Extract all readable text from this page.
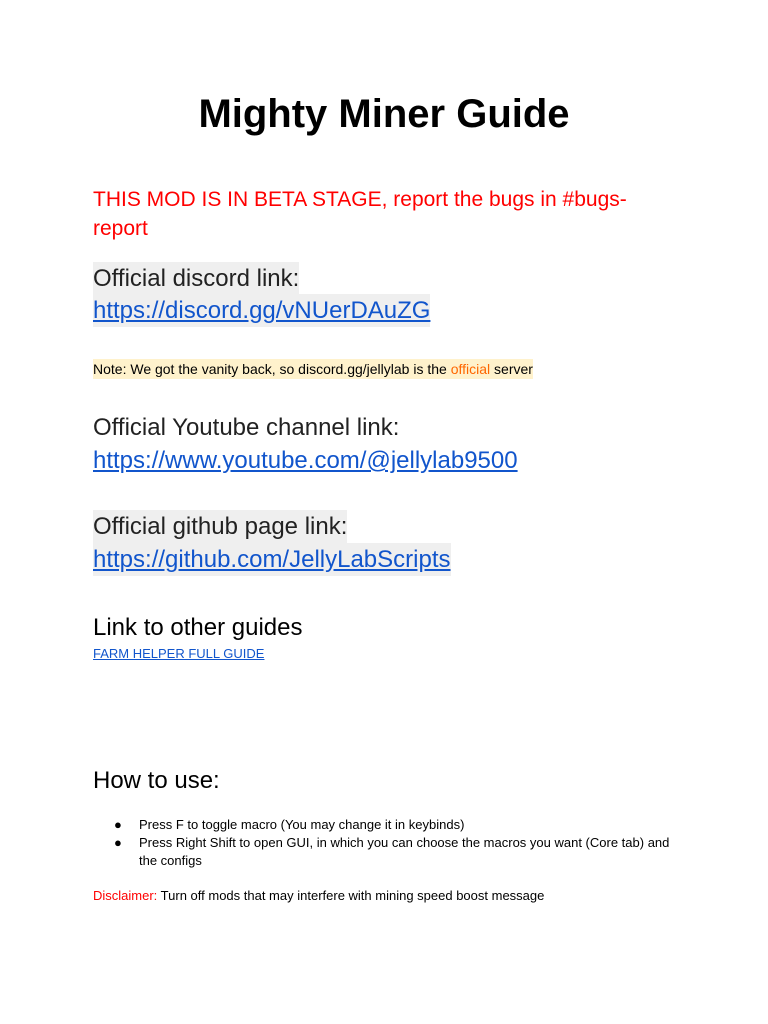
Mighty Miner Guide
THIS MOD IS IN BETA STAGE, report the bugs in #bugs-report
Official discord link:
https://discord.gg/vNUerDAuZG
Note: We got the vanity back, so discord.gg/jellylab is the official server
Official Youtube channel link:
https://www.youtube.com/@jellylab9500
Official github page link:
https://github.com/JellyLabScripts
Link to other guides
FARM HELPER FULL GUIDE
How to use:
●	Press F to toggle macro (You may change it in keybinds)
●	Press Right Shift to open GUI, in which you can choose the macros you want (Core tab) and the configs
Disclaimer: Turn off mods that may interfere with mining speed boost message
